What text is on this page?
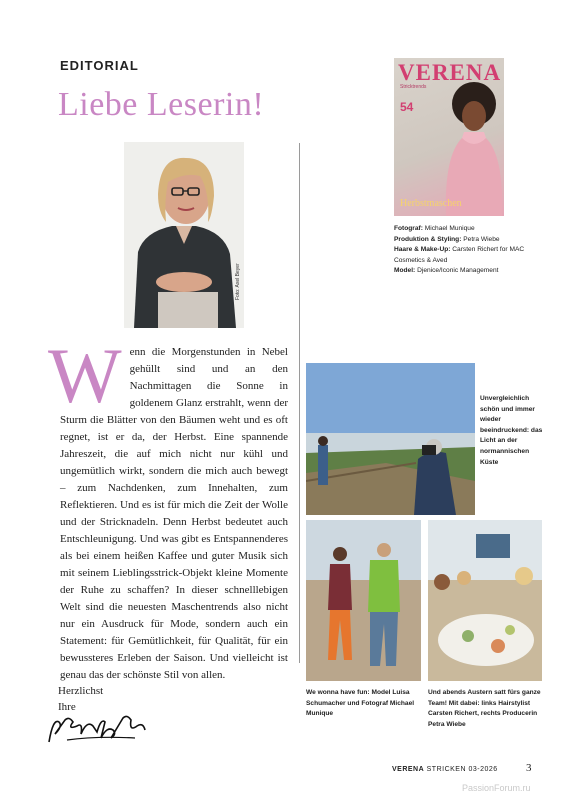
EDITORIAL
Liebe Leserin!
Foto: Axel Beyer
VERENA
Stricktrends
54
Herbstmaschen
Fotograf: Michael Munique
Produktion & Styling: Petra Wiebe
Haare & Make-Up: Carsten Richert for MAC Cosmetics & Aved
Model: Djenice/Iconic Management
Wenn die Morgenstunden in Nebel gehüllt sind und an den Nachmittagen die Sonne in goldenem Glanz erstrahlt, wenn der Sturm die Blätter von den Bäumen weht und es oft regnet, ist er da, der Herbst. Eine spannende Jahreszeit, die auf mich nicht nur kühl und ungemütlich wirkt, sondern die mich auch bewegt – zum Nachdenken, zum Innehalten, zum Reflektieren. Und es ist für mich die Zeit der Wolle und der Stricknadeln. Denn Herbst bedeutet auch Entschleunigung. Und was gibt es Entspannenderes als bei einem heißen Kaffee und guter Musik sich mit seinem Lieblingsstrick-Objekt kleine Momente der Ruhe zu schaffen? In dieser schnelllebigen Welt sind die neuesten Maschentrends also nicht nur ein Ausdruck für Mode, sondern auch ein Statement: für Gemütlichkeit, für Qualität, für ein bewussteres Erleben der Saison. Und vielleicht ist genau das der schönste Stil von allen.
Herzlichst
Ihre
Unvergleichlich schön und immer wieder beeindruckend: das Licht an der normannischen Küste
We wonna have fun: Model Luisa Schumacher und Fotograf Michael Munique
Und abends Austern satt fürs ganze Team! Mit dabei: links Hairstylist Carsten Richert, rechts Producerin Petra Wiebe
VERENA STRICKEN 03-2026	3
PassionForum.ru
